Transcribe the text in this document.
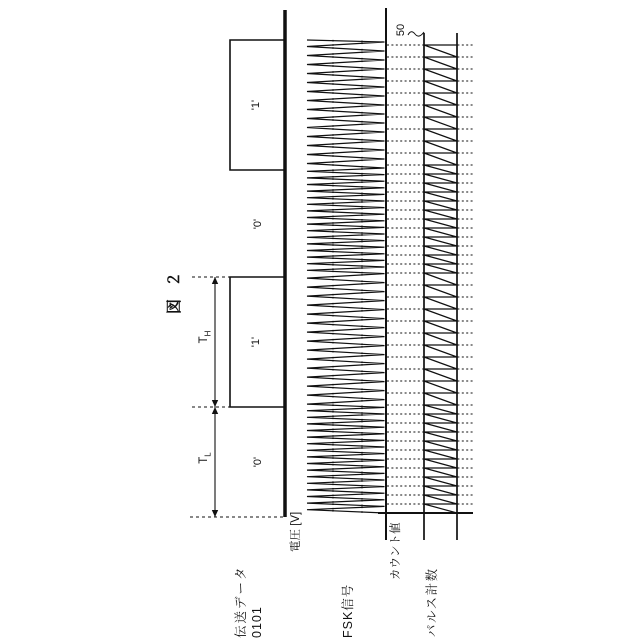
図 ２
伝送データ 0101	FSK信号
電圧 [V]	カウント値
パルス計数
$T_L$
$T_H$
'0'
'1'
'0'
'1'
50
